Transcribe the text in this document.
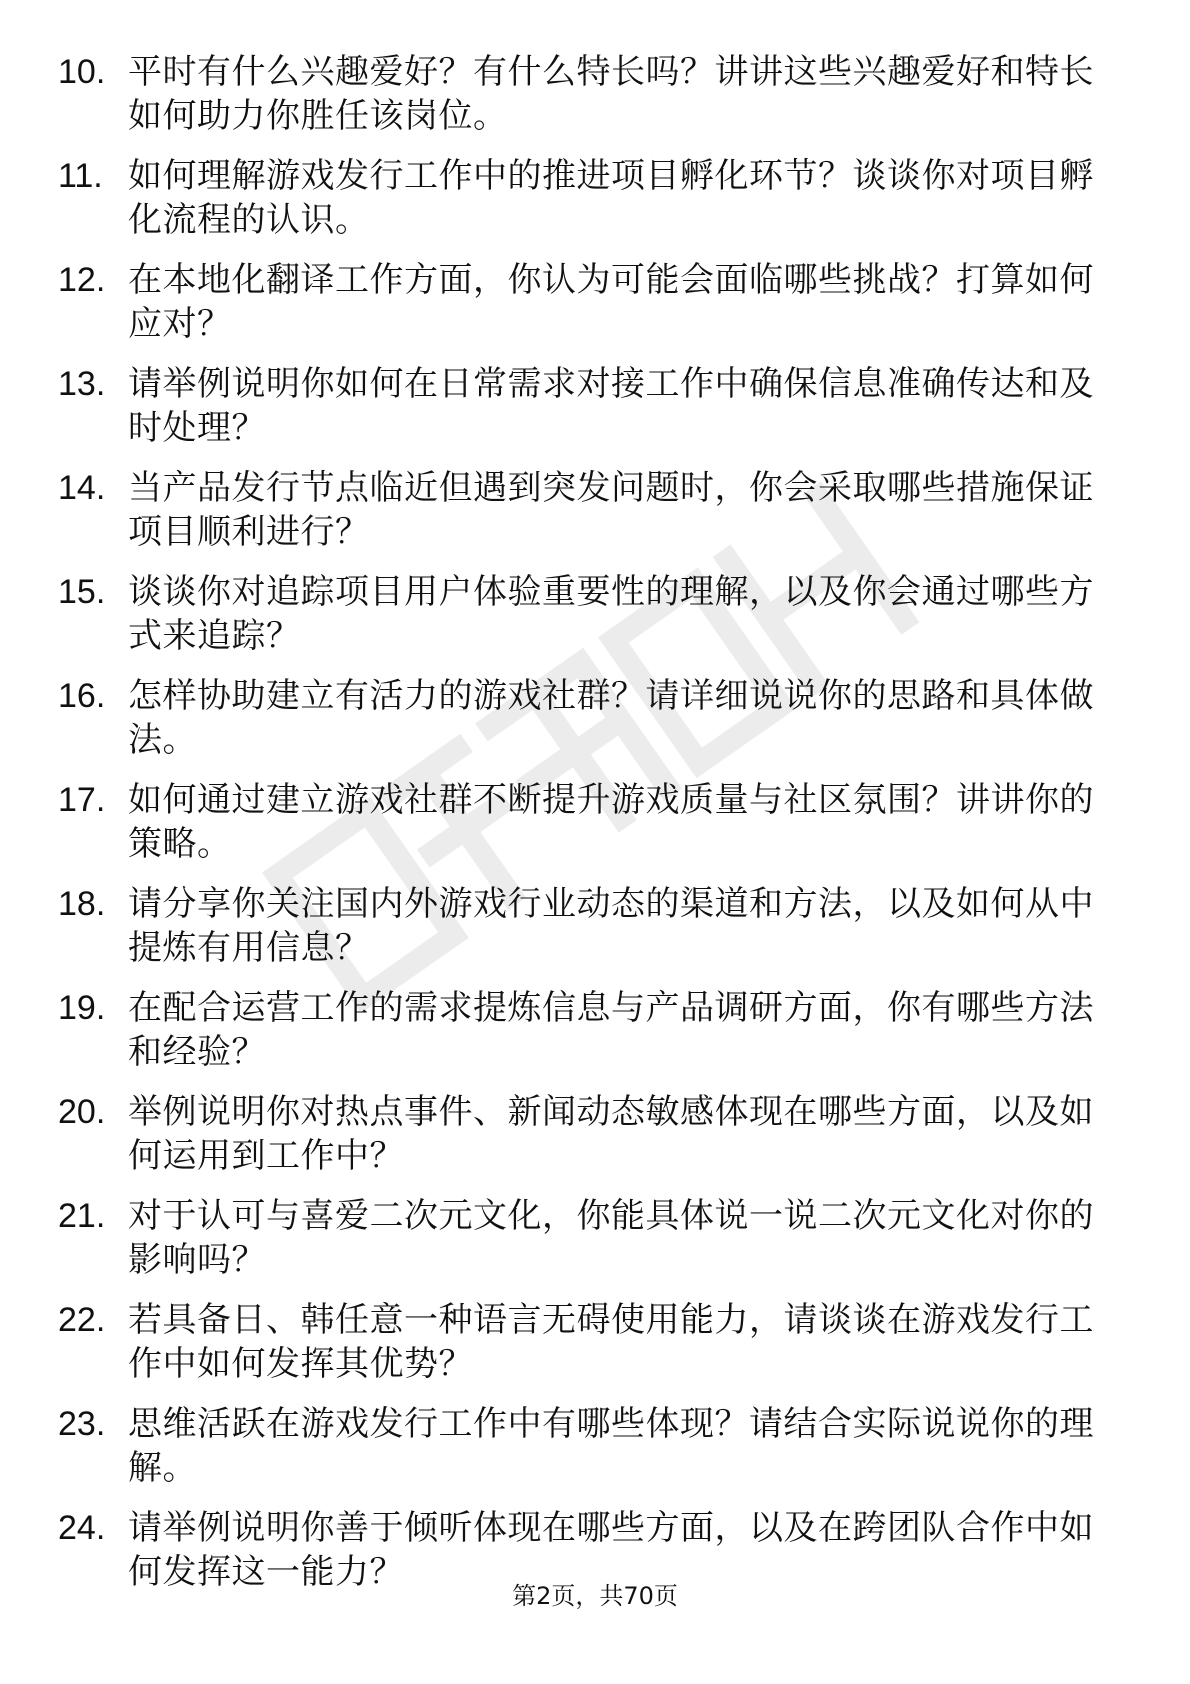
10. 平时有什么兴趣爱好？有什么特长吗？讲讲这些兴趣爱好和特长如何助力你胜任该岗位。
11. 如何理解游戏发行工作中的推进项目孵化环节？谈谈你对项目孵化流程的认识。
12. 在本地化翻译工作方面，你认为可能会面临哪些挑战？打算如何应对？
13. 请举例说明你如何在日常需求对接工作中确保信息准确传达和及时处理？
14. 当产品发行节点临近但遇到突发问题时，你会采取哪些措施保证项目顺利进行？
15. 谈谈你对追踪项目用户体验重要性的理解，以及你会通过哪些方式来追踪？
16. 怎样协助建立有活力的游戏社群？请详细说说你的思路和具体做法。
17. 如何通过建立游戏社群不断提升游戏质量与社区氛围？讲讲你的策略。
18. 请分享你关注国内外游戏行业动态的渠道和方法，以及如何从中提炼有用信息？
19. 在配合运营工作的需求提炼信息与产品调研方面，你有哪些方法和经验？
20. 举例说明你对热点事件、新闻动态敏感体现在哪些方面，以及如何运用到工作中？
21. 对于认可与喜爱二次元文化，你能具体说一说二次元文化对你的影响吗？
22. 若具备日、韩任意一种语言无碍使用能力，请谈谈在游戏发行工作中如何发挥其优势？
23. 思维活跃在游戏发行工作中有哪些体现？请结合实际说说你的理解。
24. 请举例说明你善于倾听体现在哪些方面，以及在跨团队合作中如何发挥这一能力？
第2页，共70页
